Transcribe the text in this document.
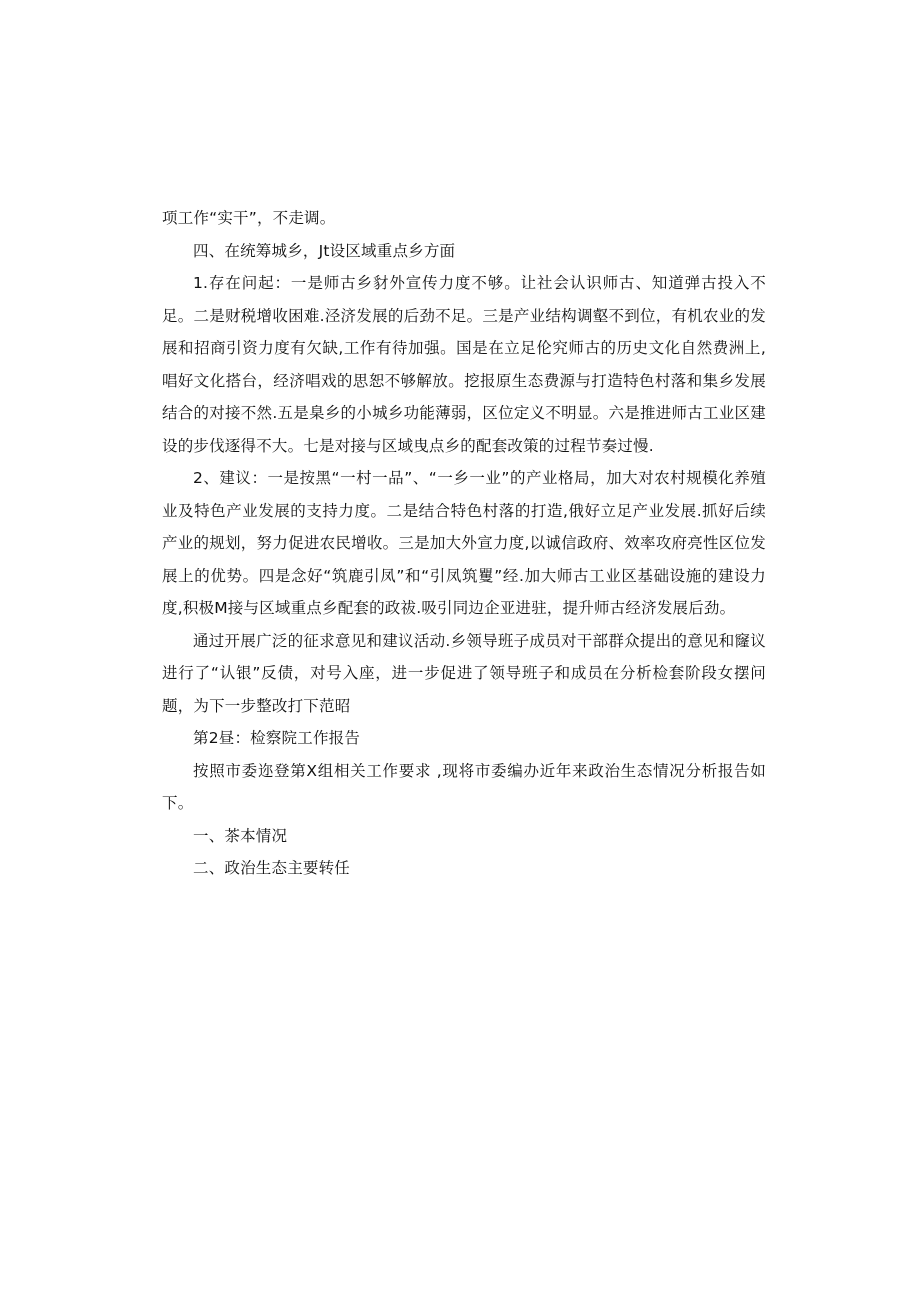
项工作“实干”，不走调。

四、在统筹城乡，Jt设区域重点乡方面

1.存在问起：一是师古乡豺外宣传力度不够。让社会认识师古、知道弹古投入不足。二是财税增收困难.泾济发展的后劲不足。三是产业结构调壑不到位，有机农业的发展和招商引资力度有欠缺,工作有待加强。国是在立足伦究师古的历史文化自然费洲上,唱好文化搭台，经济唱戏的思恕不够解放。挖报原生态费源与打造特色村落和集乡发展结合的对接不然.五是臬乡的小城乡功能薄弱，区位定义不明显。六是推进师古工业区建设的步伐逐得不大。七是对接与区域曳点乡的配套改策的过程节奏过慢.

2、建议：一是按黑“一村一品”、“一乡一业”的产业格局，加大对农村规模化养殖业及特色产业发展的支持力度。二是结合特色村落的打造,俄好立足产业发展.抓好后续产业的规划，努力促进农民增收。三是加大外宣力度,以诚信政府、效率攻府亮性区位发展上的优势。四是念好“筑鹿引凤”和“引凤筑矍”经.加大师古工业区基础设施的建设力度,积极M接与区域重点乡配套的政祓.吸引同边企亚进驻，提升师古经济发展后劲。

通过开展广泛的征求意见和建议活动.乡领导班子成员对干部群众提出的意见和窿议进行了“认银”反债，对号入座，进一步促进了领导班子和成员在分析检套阶段女摆问题，为下一步整改打下范昭

第2昼：检察院工作报告

按照市委迩登第X组相关工作要求 ,现将市委编办近年来政治生态情况分析报告如下。

一、茶本情况

二、政治生态主要转任
